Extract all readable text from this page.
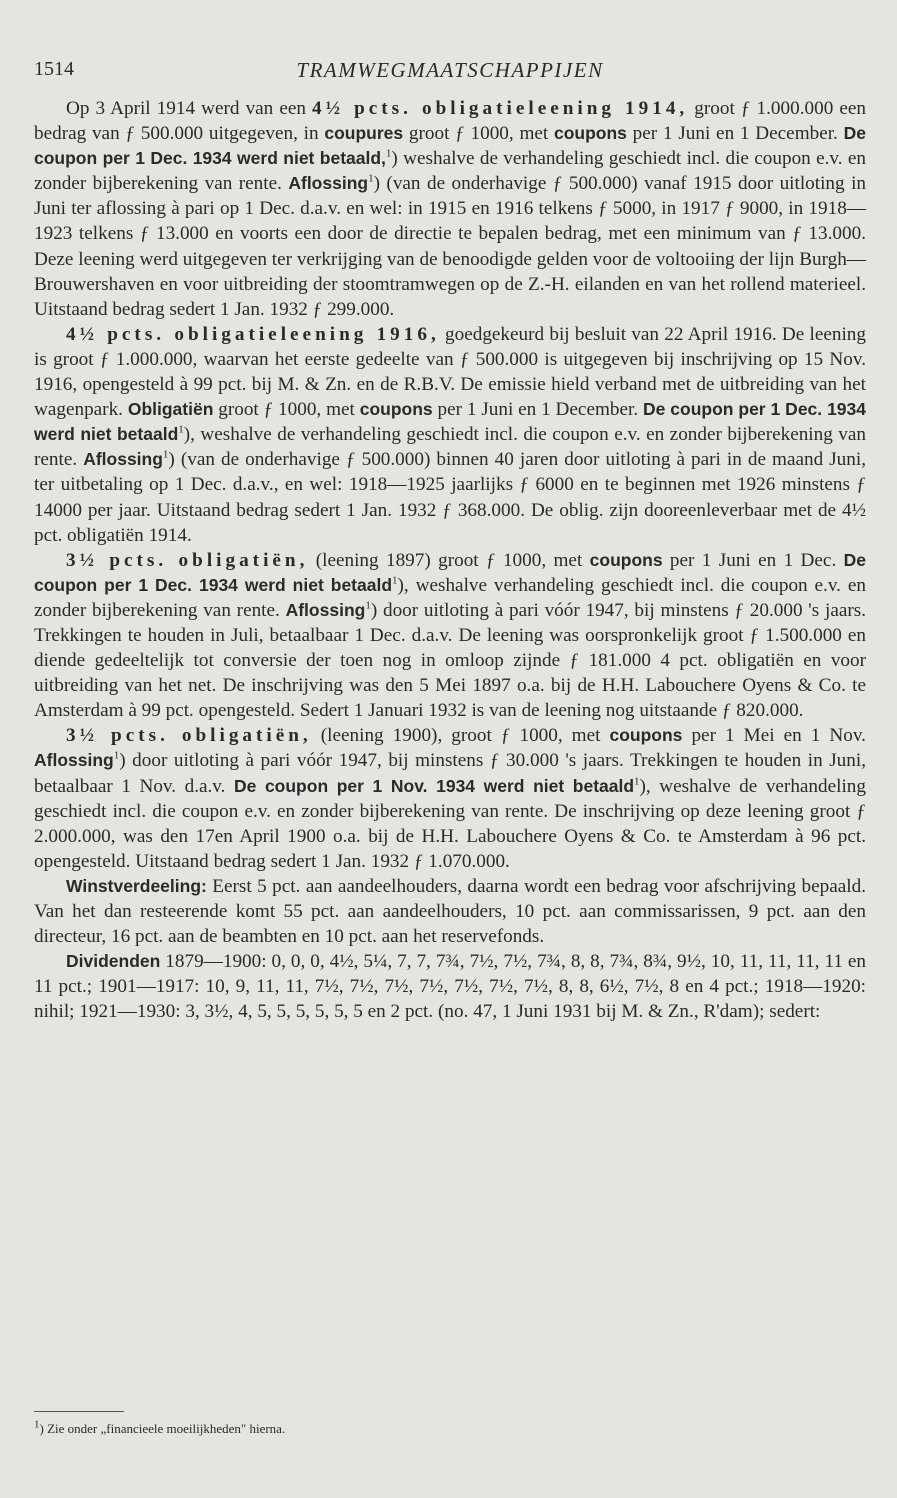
1514	TRAMWEGMAATSCHAPPIJEN

Op 3 April 1914 werd van een 4½ pcts. obligatieleening 1914, groot ƒ 1.000.000 een bedrag van ƒ 500.000 uitgegeven, in coupures groot ƒ 1000, met coupons per 1 Juni en 1 December. De coupon per 1 Dec. 1934 werd niet betaald,$^1$) weshalve de verhandeling geschiedt incl. die coupon e.v. en zonder bijberekening van rente. Aflossing$^1$) (van de onderhavige ƒ 500.000) vanaf 1915 door uitloting in Juni ter aflossing à pari op 1 Dec. d.a.v. en wel: in 1915 en 1916 telkens ƒ 5000, in 1917 ƒ 9000, in 1918—1923 telkens ƒ 13.000 en voorts een door de directie te bepalen bedrag, met een minimum van ƒ 13.000. Deze leening werd uitgegeven ter verkrijging van de benoodigde gelden voor de voltooiing der lijn Burgh—Brouwershaven en voor uitbreiding der stoomtramwegen op de Z.-H. eilanden en van het rollend materieel. Uitstaand bedrag sedert 1 Jan. 1932 ƒ 299.000.

4½ pcts. obligatieleening 1916, goedgekeurd bij besluit van 22 April 1916. De leening is groot ƒ 1.000.000, waarvan het eerste gedeelte van ƒ 500.000 is uitgegeven bij inschrijving op 15 Nov. 1916, opengesteld à 99 pct. bij M. & Zn. en de R.B.V. De emissie hield verband met de uitbreiding van het wagenpark. Obligatiën groot ƒ 1000, met coupons per 1 Juni en 1 December. De coupon per 1 Dec. 1934 werd niet betaald$^1$), weshalve de verhandeling geschiedt incl. die coupon e.v. en zonder bijberekening van rente. Aflossing$^1$) (van de onderhavige ƒ 500.000) binnen 40 jaren door uitloting à pari in de maand Juni, ter uitbetaling op 1 Dec. d.a.v., en wel: 1918—1925 jaarlijks ƒ 6000 en te beginnen met 1926 minstens ƒ 14000 per jaar. Uitstaand bedrag sedert 1 Jan. 1932 ƒ 368.000. De oblig. zijn dooreenleverbaar met de 4½ pct. obligatiën 1914.

3½ pcts. obligatiën, (leening 1897) groot ƒ 1000, met coupons per 1 Juni en 1 Dec. De coupon per 1 Dec. 1934 werd niet betaald$^1$), weshalve verhandeling geschiedt incl. die coupon e.v. en zonder bijberekening van rente. Aflossing$^1$) door uitloting à pari vóór 1947, bij minstens ƒ 20.000 's jaars. Trekkingen te houden in Juli, betaalbaar 1 Dec. d.a.v. De leening was oorspronkelijk groot ƒ 1.500.000 en diende gedeeltelijk tot conversie der toen nog in omloop zijnde ƒ 181.000 4 pct. obligatiën en voor uitbreiding van het net. De inschrijving was den 5 Mei 1897 o.a. bij de H.H. Labouchere Oyens & Co. te Amsterdam à 99 pct. opengesteld. Sedert 1 Januari 1932 is van de leening nog uitstaande ƒ 820.000.

3½ pcts. obligatiën, (leening 1900), groot ƒ 1000, met coupons per 1 Mei en 1 Nov. Aflossing$^1$) door uitloting à pari vóór 1947, bij minstens ƒ 30.000 's jaars. Trekkingen te houden in Juni, betaalbaar 1 Nov. d.a.v. De coupon per 1 Nov. 1934 werd niet betaald$^1$), weshalve de verhandeling geschiedt incl. die coupon e.v. en zonder bijberekening van rente. De inschrijving op deze leening groot ƒ 2.000.000, was den 17en April 1900 o.a. bij de H.H. Labouchere Oyens & Co. te Amsterdam à 96 pct. opengesteld. Uitstaand bedrag sedert 1 Jan. 1932 ƒ 1.070.000.

Winstverdeeling: Eerst 5 pct. aan aandeelhouders, daarna wordt een bedrag voor afschrijving bepaald. Van het dan resteerende komt 55 pct. aan aandeelhouders, 10 pct. aan commissarissen, 9 pct. aan den directeur, 16 pct. aan de beambten en 10 pct. aan het reservefonds.

Dividenden 1879—1900: 0, 0, 0, 4½, 5¼, 7, 7, 7¾, 7½, 7½, 7¾, 8, 8, 7¾, 8¾, 9½, 10, 11, 11, 11, 11 en 11 pct.; 1901—1917: 10, 9, 11, 11, 7½, 7½, 7½, 7½, 7½, 7½, 7½, 8, 8, 6½, 7½, 8 en 4 pct.; 1918—1920: nihil; 1921—1930: 3, 3½, 4, 5, 5, 5, 5, 5, 5 en 2 pct. (no. 47, 1 Juni 1931 bij M. & Zn., R'dam); sedert:

$^1$) Zie onder „financieele moeilijkheden" hierna.
